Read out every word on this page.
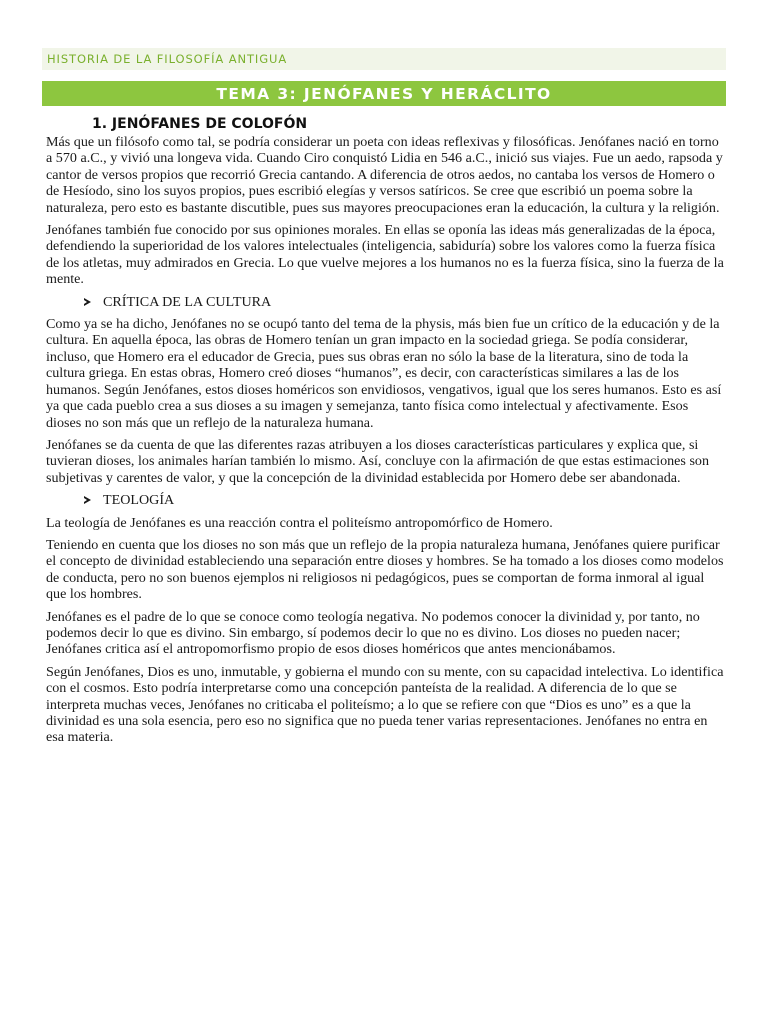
HISTORIA DE LA FILOSOFÍA ANTIGUA
TEMA 3: JENÓFANES Y HERÁCLITO
1. JENÓFANES DE COLOFÓN

Más que un filósofo como tal, se podría considerar un poeta con ideas reflexivas y filosóficas. Jenófanes nació en torno a 570 a.C., y vivió una longeva vida. Cuando Ciro conquistó Lidia en 546 a.C., inició sus viajes. Fue un aedo, rapsoda y cantor de versos propios que recorrió Grecia cantando. A diferencia de otros aedos, no cantaba los versos de Homero o de Hesíodo, sino los suyos propios, pues escribió elegías y versos satíricos. Se cree que escribió un poema sobre la naturaleza, pero esto es bastante discutible, pues sus mayores preocupaciones eran la educación, la cultura y la religión.

Jenófanes también fue conocido por sus opiniones morales. En ellas se oponía las ideas más generalizadas de la época, defendiendo la superioridad de los valores intelectuales (inteligencia, sabiduría) sobre los valores como la fuerza física de los atletas, muy admirados en Grecia. Lo que vuelve mejores a los humanos no es la fuerza física, sino la fuerza de la mente.

CRÍTICA DE LA CULTURA

Como ya se ha dicho, Jenófanes no se ocupó tanto del tema de la physis, más bien fue un crítico de la educación y de la cultura. En aquella época, las obras de Homero tenían un gran impacto en la sociedad griega. Se podía considerar, incluso, que Homero era el educador de Grecia, pues sus obras eran no sólo la base de la literatura, sino de toda la cultura griega. En estas obras, Homero creó dioses “humanos”, es decir, con características similares a las de los humanos. Según Jenófanes, estos dioses homéricos son envidiosos, vengativos, igual que los seres humanos. Esto es así ya que cada pueblo crea a sus dioses a su imagen y semejanza, tanto física como intelectual y afectivamente. Esos dioses no son más que un reflejo de la naturaleza humana.

Jenófanes se da cuenta de que las diferentes razas atribuyen a los dioses características particulares y explica que, si tuvieran dioses, los animales harían también lo mismo. Así, concluye con la afirmación de que estas estimaciones son subjetivas y carentes de valor, y que la concepción de la divinidad establecida por Homero debe ser abandonada.

TEOLOGÍA

La teología de Jenófanes es una reacción contra el politeísmo antropomórfico de Homero.

Teniendo en cuenta que los dioses no son más que un reflejo de la propia naturaleza humana, Jenófanes quiere purificar el concepto de divinidad estableciendo una separación entre dioses y hombres. Se ha tomado a los dioses como modelos de conducta, pero no son buenos ejemplos ni religiosos ni pedagógicos, pues se comportan de forma inmoral al igual que los hombres.

Jenófanes es el padre de lo que se conoce como teología negativa. No podemos conocer la divinidad y, por tanto, no podemos decir lo que es divino. Sin embargo, sí podemos decir lo que no es divino. Los dioses no pueden nacer; Jenófanes critica así el antropomorfismo propio de esos dioses homéricos que antes mencionábamos.

Según Jenófanes, Dios es uno, inmutable, y gobierna el mundo con su mente, con su capacidad intelectiva. Lo identifica con el cosmos. Esto podría interpretarse como una concepción panteísta de la realidad. A diferencia de lo que se interpreta muchas veces, Jenófanes no criticaba el politeísmo; a lo que se refiere con que “Dios es uno” es a que la divinidad es una sola esencia, pero eso no significa que no pueda tener varias representaciones. Jenófanes no entra en esa materia.
